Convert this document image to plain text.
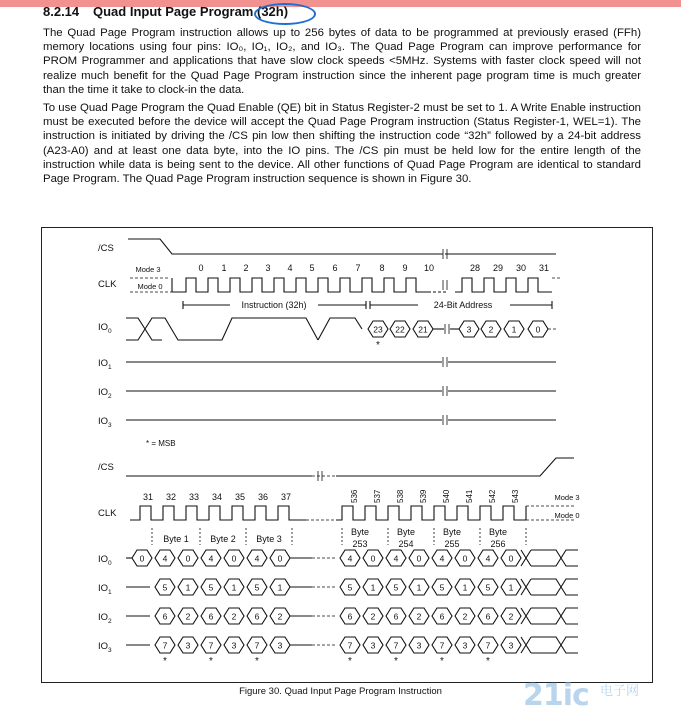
8.2.14 Quad Input Page Program (32h)
The Quad Page Program instruction allows up to 256 bytes of data to be programmed at previously erased (FFh) memory locations using four pins: IO₀, IO₁, IO₂, and IO₃. The Quad Page Program can improve performance for PROM Programmer and applications that have slow clock speeds <5MHz. Systems with faster clock speed will not realize much benefit for the Quad Page Program instruction since the inherent page program time is much greater than the time it take to clock-in the data.
To use Quad Page Program the Quad Enable (QE) bit in Status Register-2 must be set to 1. A Write Enable instruction must be executed before the device will accept the Quad Page Program instruction (Status Register-1, WEL=1). The instruction is initiated by driving the /CS pin low then shifting the instruction code “32h” followed by a 24-bit address (A23-A0) and at least one data byte, into the IO pins. The /CS pin must be held low for the entire length of the instruction while data is being sent to the device. All other functions of Quad Page Program are identical to standard Page Program. The Quad Page Program instruction sequence is shown in Figure 30.
/CS
CLK
$IO_0$
$IO_1$
$IO_2$
$IO_3$
Mode 3
Mode 0
0 1 2 3 4 5 6 7 8 9 10	28 29 30 31
Instruction (32h)	24-Bit Address
23 22 21	3 2 1 0
*
* = MSB
/CS
CLK
Mode 3
Mode 0
31 32 33 34 35 36 37	536 537 538 539 540 541 542 543
Byte 1 Byte 2 Byte 3
Byte
253
Byte
254
Byte
255
Byte
256
$IO_0$	0 4 0 4 0 4 0	4 0 4 0 4 0 4 0
$IO_1$	5 1 5 1 5 1	5 1 5 1 5 1 5 1
$IO_2$	6 2 6 2 6 2	6 2 6 2 6 2 6 2
$IO_3$	7 3 7 3 7 3	7 3 7 3 7 3 7 3
*	*	*	*	*	*	*
Figure 30. Quad Input Page Program Instruction	21ic 电子网
